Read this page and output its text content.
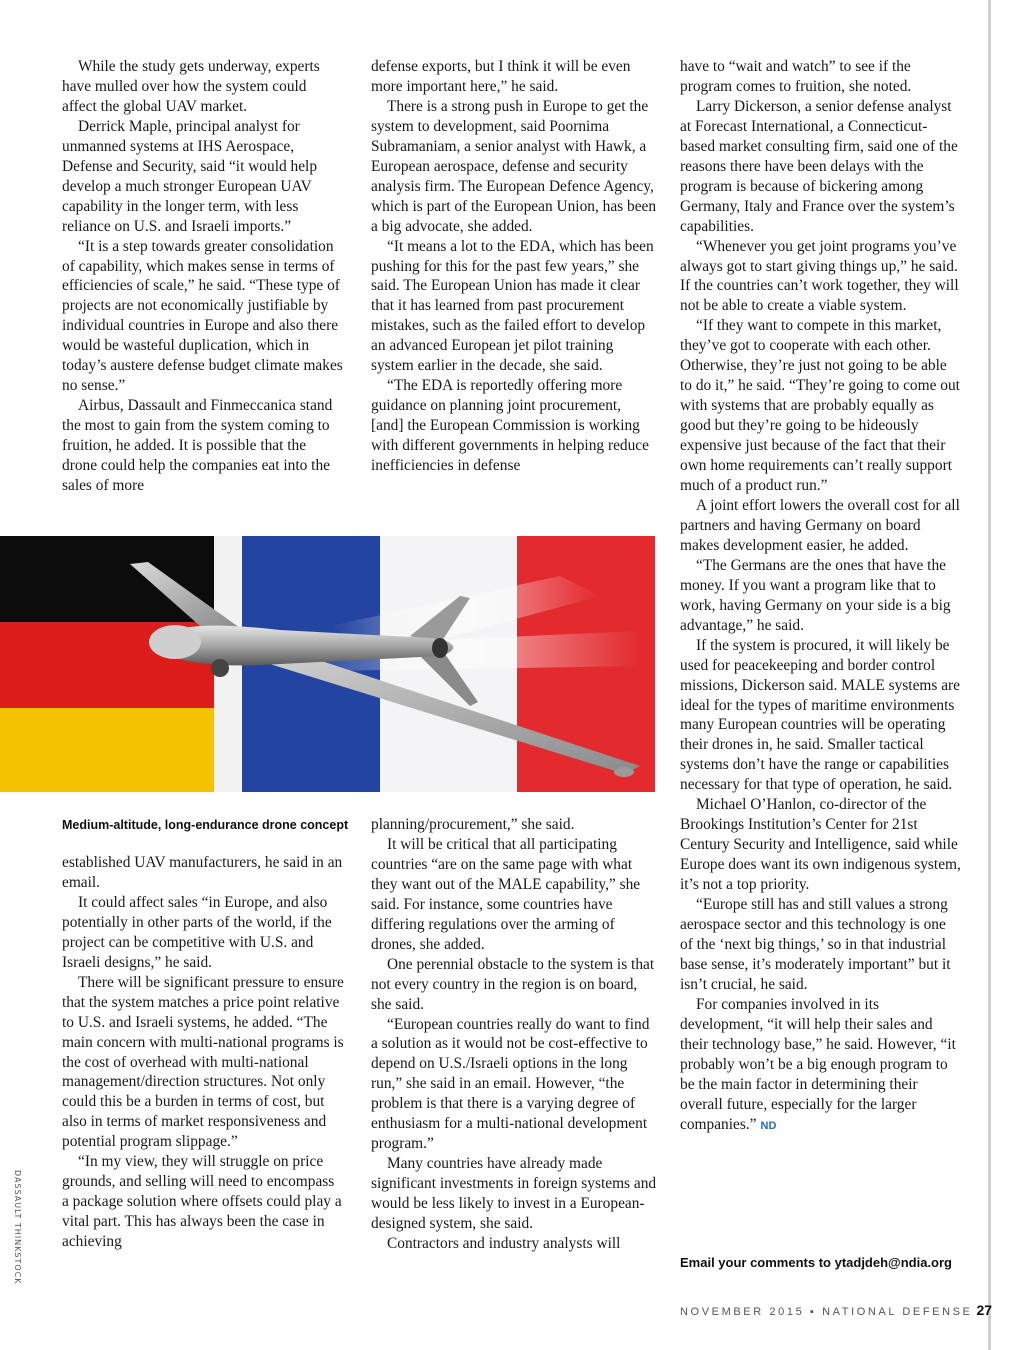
While the study gets underway, experts have mulled over how the system could affect the global UAV market.

Derrick Maple, principal analyst for unmanned systems at IHS Aerospace, Defense and Security, said “it would help develop a much stronger European UAV capability in the longer term, with less reliance on U.S. and Israeli imports.”

“It is a step towards greater consolidation of capability, which makes sense in terms of efficiencies of scale,” he said. “These type of projects are not economically justifiable by individual countries in Europe and also there would be wasteful duplication, which in today’s austere defense budget climate makes no sense.”

Airbus, Dassault and Finmeccanica stand the most to gain from the system coming to fruition, he added. It is possible that the drone could help the companies eat into the sales of more

defense exports, but I think it will be even more important here,” he said.

There is a strong push in Europe to get the system to development, said Poornima Subramaniam, a senior analyst with Hawk, a European aerospace, defense and security analysis firm. The European Defence Agency, which is part of the European Union, has been a big advocate, she added.

“It means a lot to the EDA, which has been pushing for this for the past few years,” she said. The European Union has made it clear that it has learned from past procurement mistakes, such as the failed effort to develop an advanced European jet pilot training system earlier in the decade, she said.

“The EDA is reportedly offering more guidance on planning joint procurement, [and] the European Commission is working with different governments in helping reduce inefficiencies in defense

have to “wait and watch” to see if the program comes to fruition, she noted.

Larry Dickerson, a senior defense analyst at Forecast International, a Connecticut-based market consulting firm, said one of the reasons there have been delays with the program is because of bickering among Germany, Italy and France over the system’s capabilities.

“Whenever you get joint programs you’ve always got to start giving things up,” he said. If the countries can’t work together, they will not be able to create a viable system.

“If they want to compete in this market, they’ve got to cooperate with each other. Otherwise, they’re just not going to be able to do it,” he said. “They’re going to come out with systems that are probably equally as good but they’re going to be hideously expensive just because of the fact that their own home requirements can’t really support much of a product run.”

A joint effort lowers the overall cost for all partners and having Germany on board makes development easier, he added.

“The Germans are the ones that have the money. If you want a program like that to work, having Germany on your side is a big advantage,” he said.

If the system is procured, it will likely be used for peacekeeping and border control missions, Dickerson said. MALE systems are ideal for the types of maritime environments many European countries will be operating their drones in, he said. Smaller tactical systems don’t have the range or capabilities necessary for that type of operation, he said.

Michael O’Hanlon, co-director of the Brookings Institution’s Center for 21st Century Security and Intelligence, said while Europe does want its own indigenous system, it’s not a top priority.

“Europe still has and still values a strong aerospace sector and this technology is one of the ‘next big things,’ so in that industrial base sense, it’s moderately important” but it isn’t crucial, he said.

For companies involved in its development, “it will help their sales and their technology base,” he said. However, “it probably won’t be a big enough program to be the main factor in determining their overall future, especially for the larger companies.” ND

Medium-altitude, long-endurance drone concept

established UAV manufacturers, he said in an email.

It could affect sales “in Europe, and also potentially in other parts of the world, if the project can be competitive with U.S. and Israeli designs,” he said.

There will be significant pressure to ensure that the system matches a price point relative to U.S. and Israeli systems, he added. “The main concern with multi-national programs is the cost of overhead with multi-national management/direction structures. Not only could this be a burden in terms of cost, but also in terms of market responsiveness and potential program slippage.”

“In my view, they will struggle on price grounds, and selling will need to encompass a package solution where offsets could play a vital part. This has always been the case in achieving

planning/procurement,” she said.

It will be critical that all participating countries “are on the same page with what they want out of the MALE capability,” she said. For instance, some countries have differing regulations over the arming of drones, she added.

One perennial obstacle to the system is that not every country in the region is on board, she said.

“European countries really do want to find a solution as it would not be cost-effective to depend on U.S./Israeli options in the long run,” she said in an email. However, “the problem is that there is a varying degree of enthusiasm for a multi-national development program.”

Many countries have already made significant investments in foreign systems and would be less likely to invest in a European-designed system, she said.

Contractors and industry analysts will

DASSAULT THINKSTOCK	Email your comments to ytadjdeh@ndia.org
NOVEMBER 2015 ▪ NATIONAL DEFENSE 27
